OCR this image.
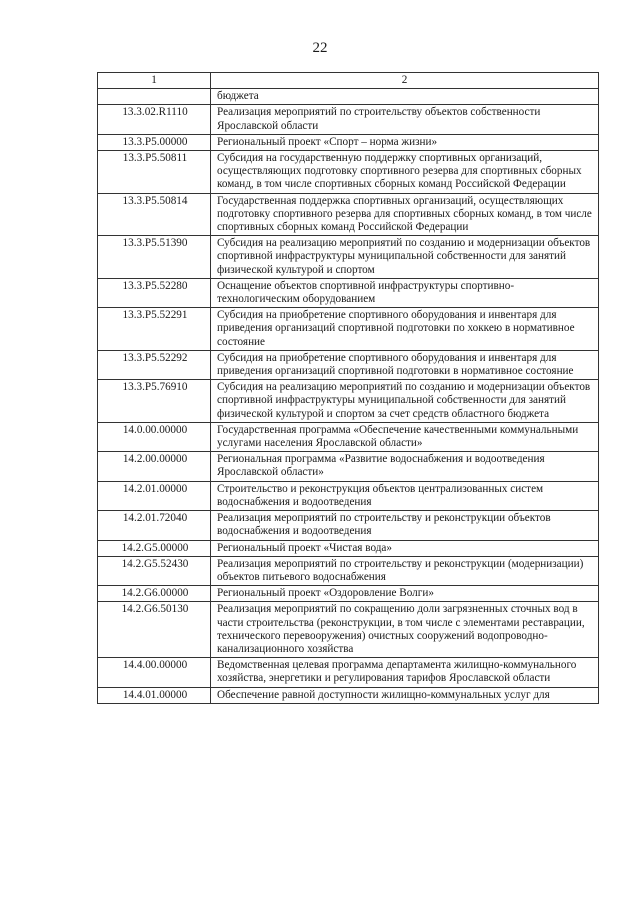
22
1	2
	бюджета
13.3.02.R1110	Реализация мероприятий по строительству объектов собственности Ярославской области
13.3.P5.00000	Региональный проект «Спорт – норма жизни»
13.3.P5.50811	Субсидия на государственную поддержку спортивных организаций, осуществляющих подготовку спортивного резерва для спортивных сборных команд, в том числе спортивных сборных команд Российской Федерации
13.3.P5.50814	Государственная поддержка спортивных организаций, осуществляющих подготовку спортивного резерва для спортивных сборных команд, в том числе спортивных сборных команд Российской Федерации
13.3.P5.51390	Субсидия на реализацию мероприятий по созданию и модернизации объектов спортивной инфраструктуры муниципальной собственности для занятий физической культурой и спортом
13.3.P5.52280	Оснащение объектов спортивной инфраструктуры спортивно-технологическим оборудованием
13.3.P5.52291	Субсидия на приобретение спортивного оборудования и инвентаря для приведения организаций спортивной подготовки по хоккею в нормативное состояние
13.3.P5.52292	Субсидия на приобретение спортивного оборудования и инвентаря для приведения организаций спортивной подготовки в нормативное состояние
13.3.P5.76910	Субсидия на реализацию мероприятий по созданию и модернизации объектов спортивной инфраструктуры муниципальной собственности для занятий физической культурой и спортом за счет средств областного бюджета
14.0.00.00000	Государственная программа «Обеспечение качественными коммунальными услугами населения Ярославской области»
14.2.00.00000	Региональная программа «Развитие водоснабжения и водоотведения Ярославской области»
14.2.01.00000	Строительство и реконструкция объектов централизованных систем водоснабжения и водоотведения
14.2.01.72040	Реализация мероприятий по строительству и реконструкции объектов водоснабжения и водоотведения
14.2.G5.00000	Региональный проект «Чистая вода»
14.2.G5.52430	Реализация мероприятий по строительству и реконструкции (модернизации) объектов питьевого водоснабжения
14.2.G6.00000	Региональный проект «Оздоровление Волги»
14.2.G6.50130	Реализация мероприятий по сокращению доли загрязненных сточных вод в части строительства (реконструкции, в том числе с элементами реставрации, технического перевооружения) очистных сооружений водопроводно-канализационного хозяйства
14.4.00.00000	Ведомственная целевая программа департамента жилищно-коммунального хозяйства, энергетики и регулирования тарифов Ярославской области
14.4.01.00000	Обеспечение равной доступности жилищно-коммунальных услуг для
